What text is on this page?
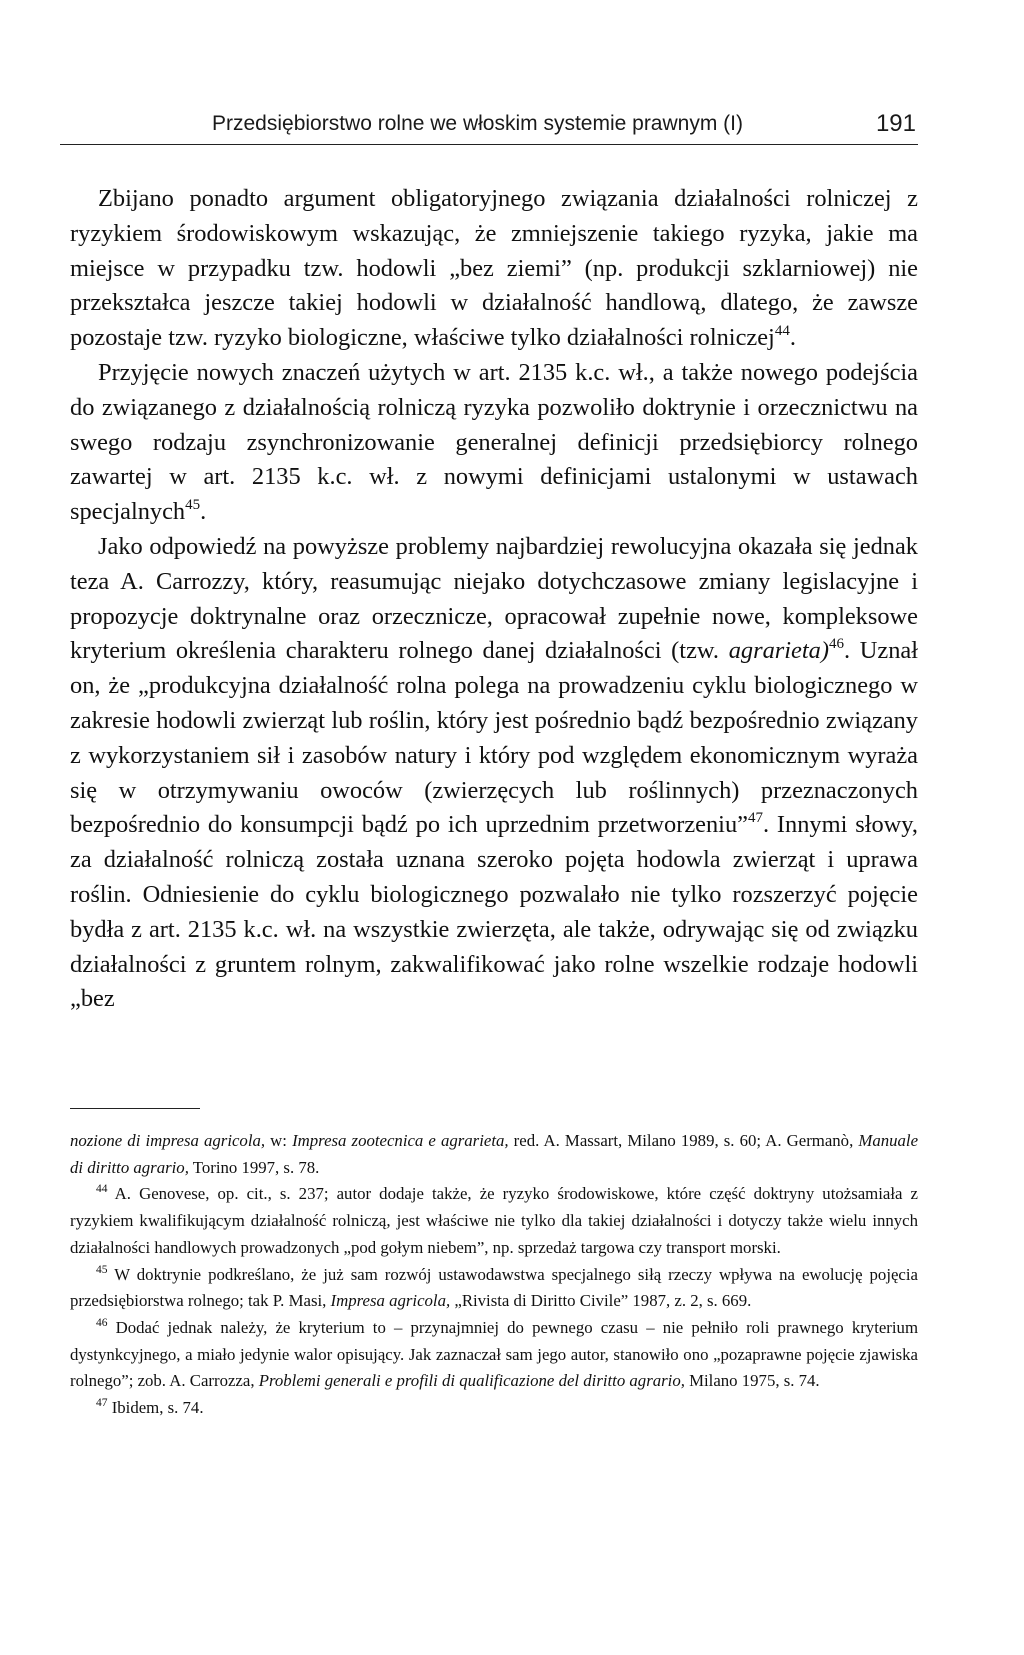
Przedsiębiorstwo rolne we włoskim systemie prawnym (I)	191

Zbijano ponadto argument obligatoryjnego związania działalności rolniczej z ryzykiem środowiskowym wskazując, że zmniejszenie takiego ryzyka, jakie ma miejsce w przypadku tzw. hodowli „bez ziemi” (np. produkcji szklarniowej) nie przekształca jeszcze takiej hodowli w działalność handlową, dlatego, że zawsze pozostaje tzw. ryzyko biologiczne, właściwe tylko działalności rolniczej$^{44}$.

Przyjęcie nowych znaczeń użytych w art. 2135 k.c. wł., a także nowego podejścia do związanego z działalnością rolniczą ryzyka pozwoliło doktrynie i orzecznictwu na swego rodzaju zsynchronizowanie generalnej definicji przedsiębiorcy rolnego zawartej w art. 2135 k.c. wł. z nowymi definicjami ustalonymi w ustawach specjalnych$^{45}$.

Jako odpowiedź na powyższe problemy najbardziej rewolucyjna okazała się jednak teza A. Carrozzy, który, reasumując niejako dotychczasowe zmiany legislacyjne i propozycje doktrynalne oraz orzecznicze, opracował zupełnie nowe, kompleksowe kryterium określenia charakteru rolnego danej działalności (tzw. agrarieta)$^{46}$. Uznał on, że „produkcyjna działalność rolna polega na prowadzeniu cyklu biologicznego w zakresie hodowli zwierząt lub roślin, który jest pośrednio bądź bezpośrednio związany z wykorzystaniem sił i zasobów natury i który pod względem ekonomicznym wyraża się w otrzymywaniu owoców (zwierzęcych lub roślinnych) przeznaczonych bezpośrednio do konsumpcji bądź po ich uprzednim przetworzeniu”$^{47}$. Innymi słowy, za działalność rolniczą została uznana szeroko pojęta hodowla zwierząt i uprawa roślin. Odniesienie do cyklu biologicznego pozwalało nie tylko rozszerzyć pojęcie bydła z art. 2135 k.c. wł. na wszystkie zwierzęta, ale także, odrywając się od związku działalności z gruntem rolnym, zakwalifikować jako rolne wszelkie rodzaje hodowli „bez

nozione di impresa agricola, w: Impresa zootecnica e agrarieta, red. A. Massart, Milano 1989, s. 60; A. Germanò, Manuale di diritto agrario, Torino 1997, s. 78.

$^{44}$ A. Genovese, op. cit., s. 237; autor dodaje także, że ryzyko środowiskowe, które część doktryny utożsamiała z ryzykiem kwalifikującym działalność rolniczą, jest właściwe nie tylko dla takiej działalności i dotyczy także wielu innych działalności handlowych prowadzonych „pod gołym niebem”, np. sprzedaż targowa czy transport morski.

$^{45}$ W doktrynie podkreślano, że już sam rozwój ustawodawstwa specjalnego siłą rzeczy wpływa na ewolucję pojęcia przedsiębiorstwa rolnego; tak P. Masi, Impresa agricola, „Rivista di Diritto Civile” 1987, z. 2, s. 669.

$^{46}$ Dodać jednak należy, że kryterium to – przynajmniej do pewnego czasu – nie pełniło roli prawnego kryterium dystynkcyjnego, a miało jedynie walor opisujący. Jak zaznaczał sam jego autor, stanowiło ono „pozaprawne pojęcie zjawiska rolnego”; zob. A. Carrozza, Problemi generali e profili di qualificazione del diritto agrario, Milano 1975, s. 74.

$^{47}$ Ibidem, s. 74.
